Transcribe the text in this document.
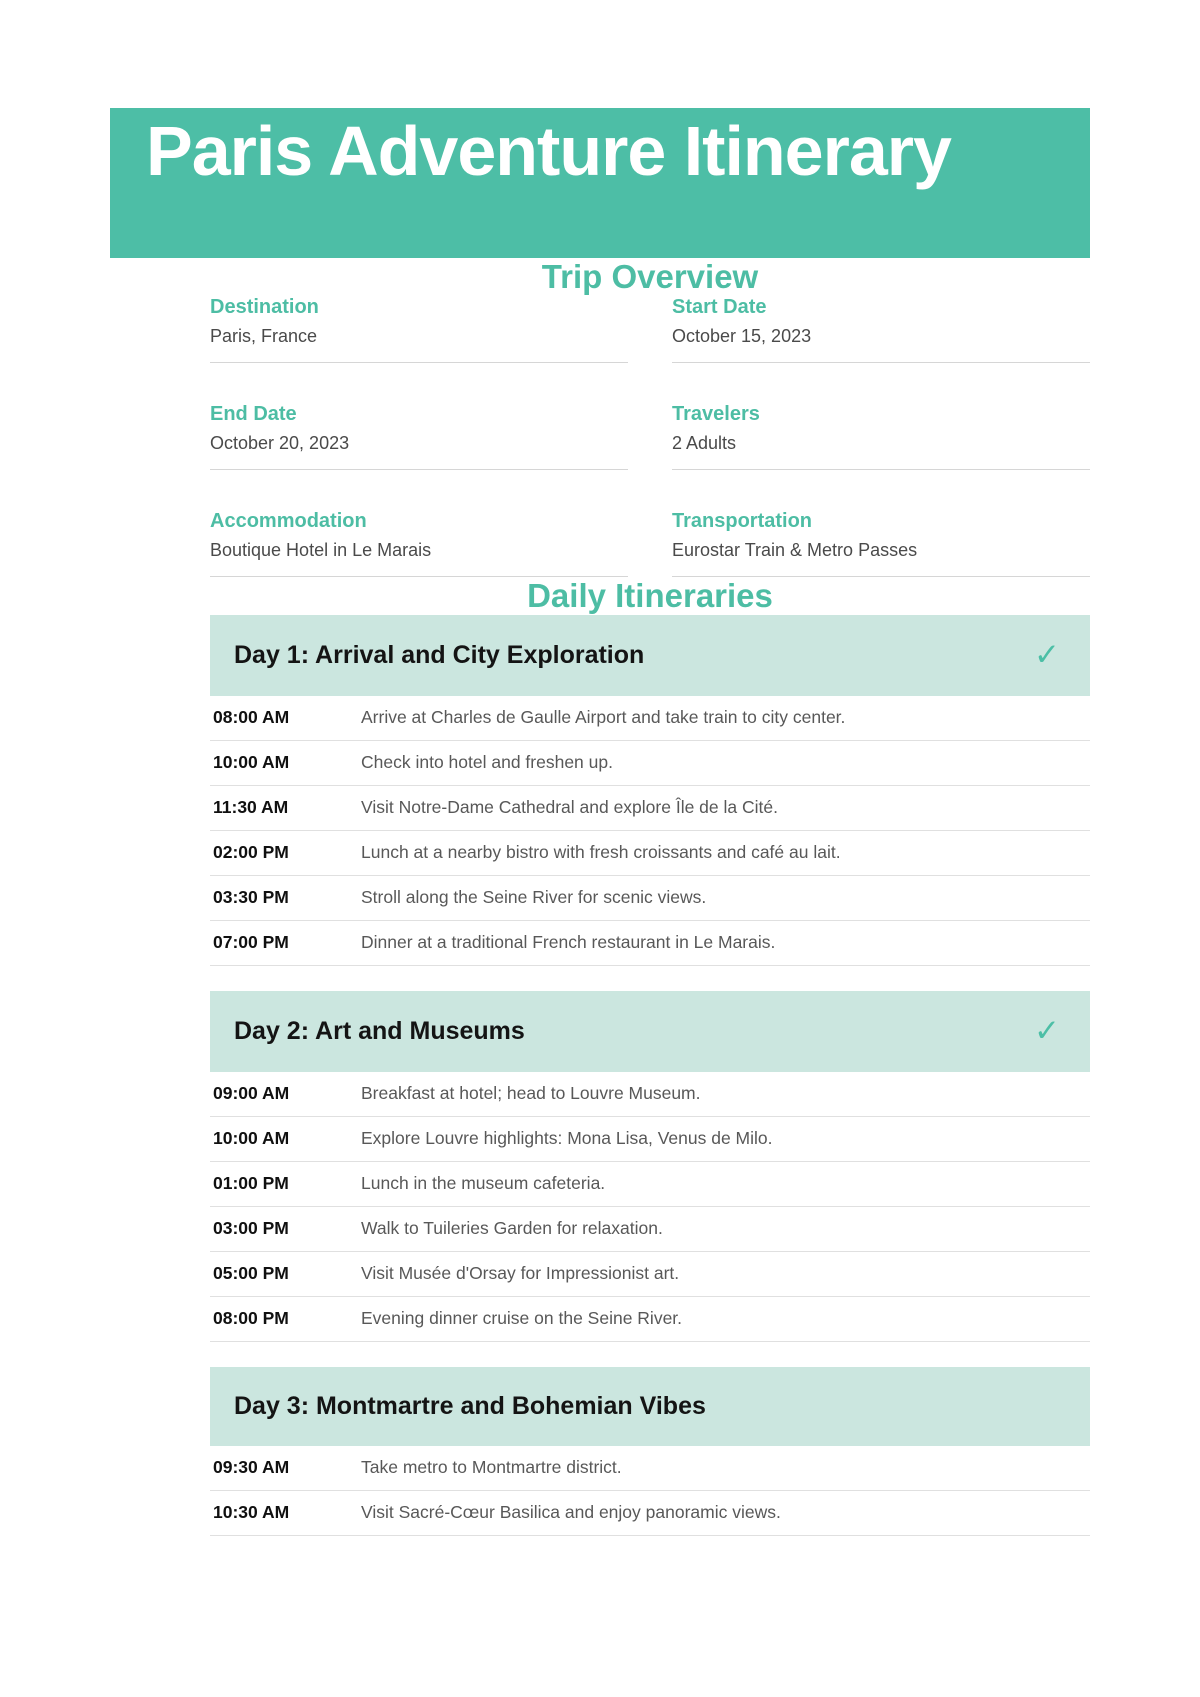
Paris Adventure Itinerary
Trip Overview
Destination
Paris, France
Start Date
October 15, 2023
End Date
October 20, 2023
Travelers
2 Adults
Accommodation
Boutique Hotel in Le Marais
Transportation
Eurostar Train & Metro Passes
Daily Itineraries
Day 1: Arrival and City Exploration	✓
08:00 AM	Arrive at Charles de Gaulle Airport and take train to city center.
10:00 AM	Check into hotel and freshen up.
11:30 AM	Visit Notre-Dame Cathedral and explore Île de la Cité.
02:00 PM	Lunch at a nearby bistro with fresh croissants and café au lait.
03:30 PM	Stroll along the Seine River for scenic views.
07:00 PM	Dinner at a traditional French restaurant in Le Marais.
Day 2: Art and Museums	✓
09:00 AM	Breakfast at hotel; head to Louvre Museum.
10:00 AM	Explore Louvre highlights: Mona Lisa, Venus de Milo.
01:00 PM	Lunch in the museum cafeteria.
03:00 PM	Walk to Tuileries Garden for relaxation.
05:00 PM	Visit Musée d'Orsay for Impressionist art.
08:00 PM	Evening dinner cruise on the Seine River.
Day 3: Montmartre and Bohemian Vibes
09:30 AM	Take metro to Montmartre district.
10:30 AM	Visit Sacré-Cœur Basilica and enjoy panoramic views.
